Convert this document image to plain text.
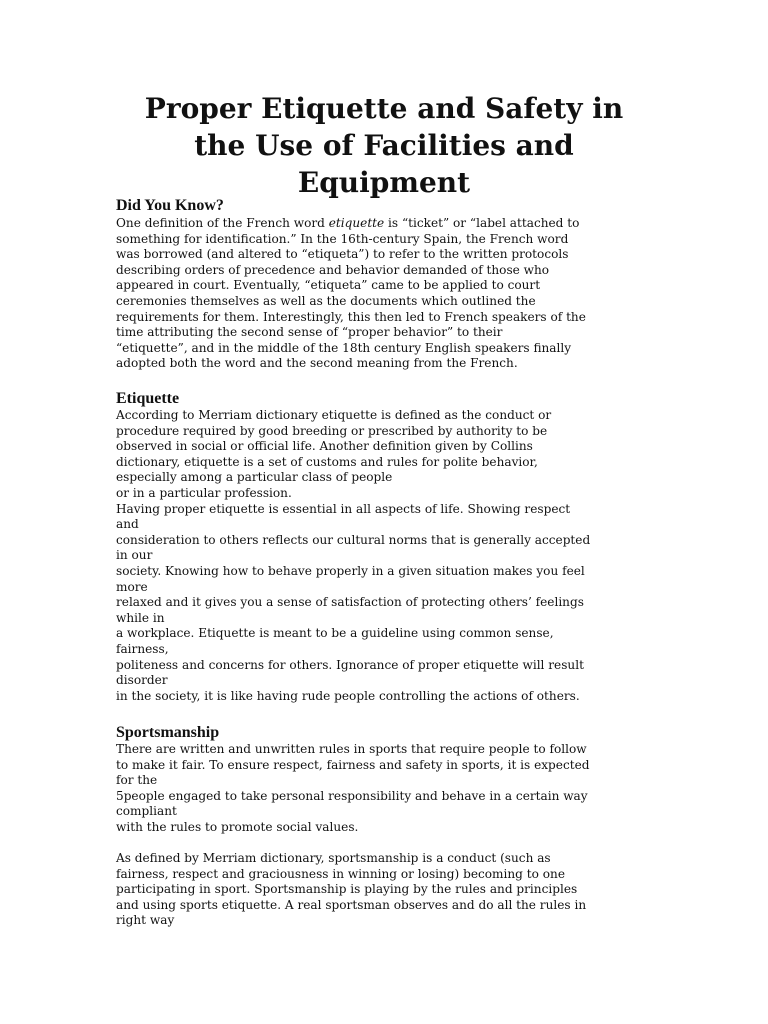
Proper Etiquette and Safety in
the Use of Facilities and
Equipment
Did You Know?
One definition of the French word etiquette is “ticket” or “label attached to
something for identification.” In the 16th-century Spain, the French word
was borrowed (and altered to “etiqueta”) to refer to the written protocols
describing orders of precedence and behavior demanded of those who
appeared in court. Eventually, “etiqueta” came to be applied to court
ceremonies themselves as well as the documents which outlined the
requirements for them. Interestingly, this then led to French speakers of the
time attributing the second sense of “proper behavior” to their
“etiquette”, and in the middle of the 18th century English speakers finally
adopted both the word and the second meaning from the French.
Etiquette
According to Merriam dictionary etiquette is defined as the conduct or
procedure required by good breeding or prescribed by authority to be
observed in social or official life. Another definition given by Collins
dictionary, etiquette is a set of customs and rules for polite behavior,
especially among a particular class of people
or in a particular profession.
Having proper etiquette is essential in all aspects of life. Showing respect
and
consideration to others reflects our cultural norms that is generally accepted
in our
society. Knowing how to behave properly in a given situation makes you feel
more
relaxed and it gives you a sense of satisfaction of protecting others’ feelings
while in
a workplace. Etiquette is meant to be a guideline using common sense,
fairness,
politeness and concerns for others. Ignorance of proper etiquette will result
disorder
in the society, it is like having rude people controlling the actions of others.
Sportsmanship
There are written and unwritten rules in sports that require people to follow
to make it fair. To ensure respect, fairness and safety in sports, it is expected
for the
5people engaged to take personal responsibility and behave in a certain way
compliant
with the rules to promote social values.
As defined by Merriam dictionary, sportsmanship is a conduct (such as
fairness, respect and graciousness in winning or losing) becoming to one
participating in sport. Sportsmanship is playing by the rules and principles
and using sports etiquette. A real sportsman observes and do all the rules in
right way
